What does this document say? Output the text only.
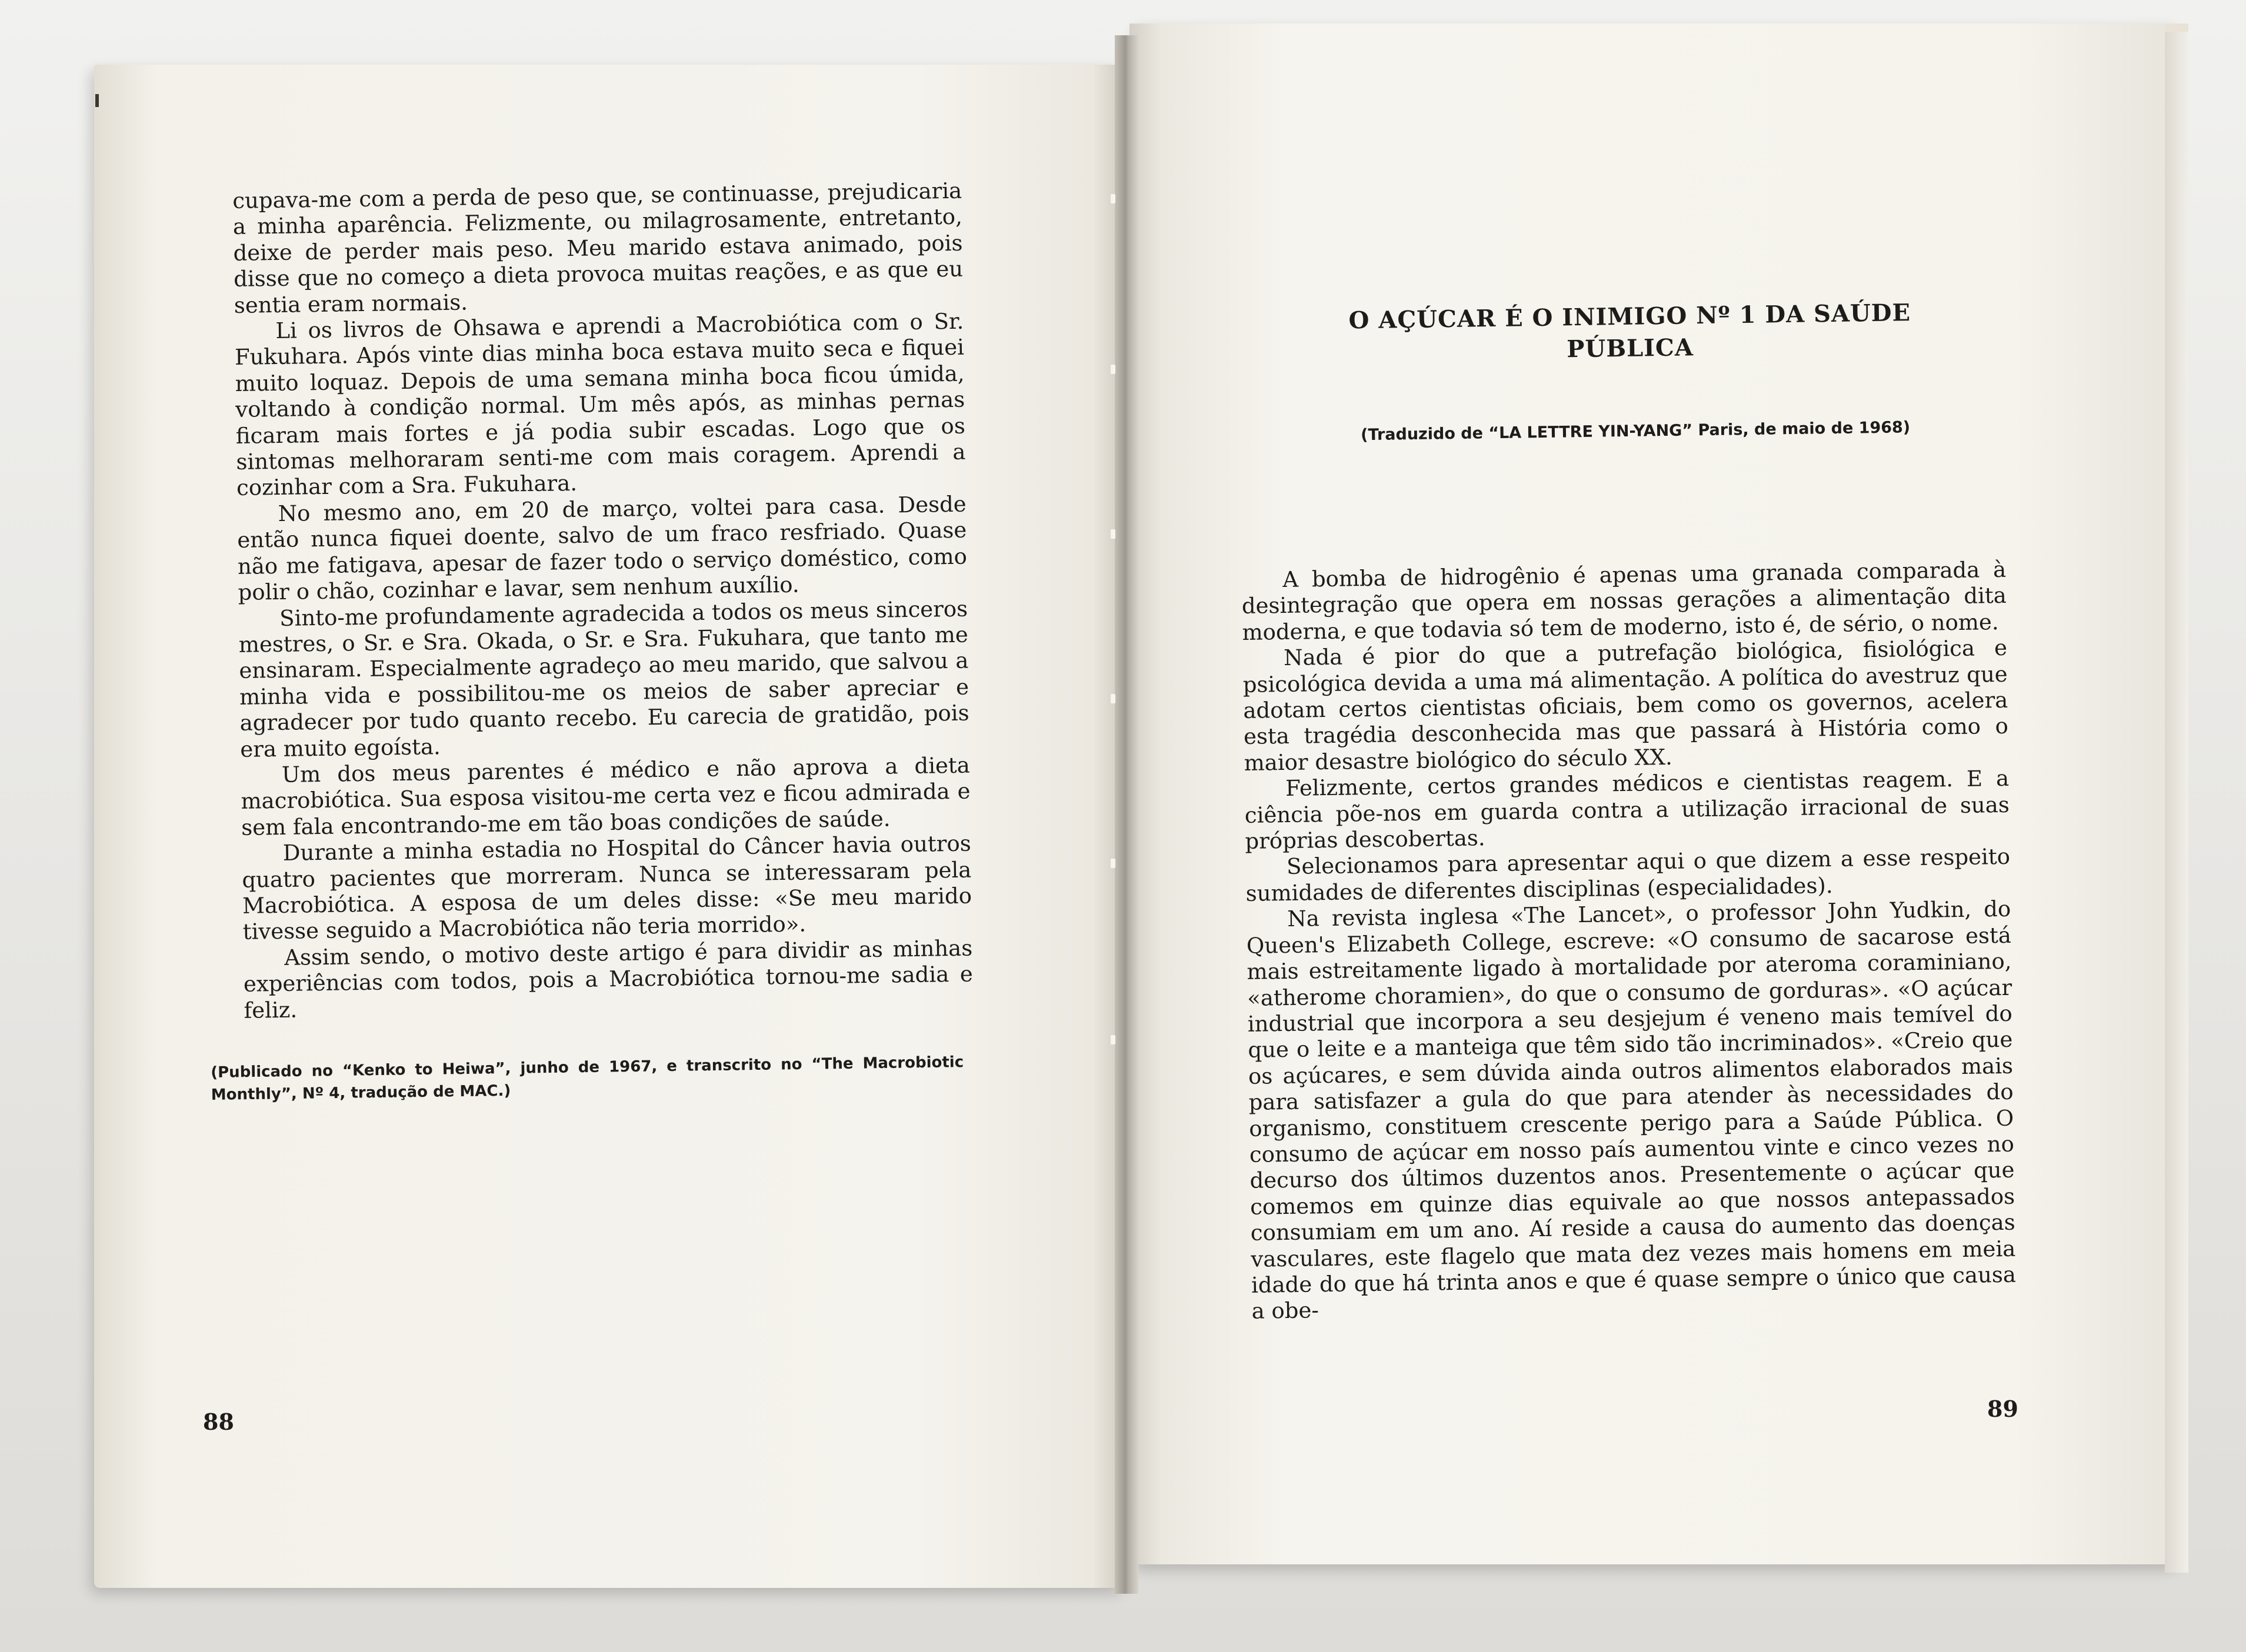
cupava-me com a perda de peso que, se continuasse, prejudicaria a minha aparência. Felizmente, ou milagrosamente, entretanto, deixe de perder mais peso. Meu marido estava animado, pois disse que no começo a dieta provoca muitas reações, e as que eu sentia eram normais.

Li os livros de Ohsawa e aprendi a Macrobiótica com o Sr. Fukuhara. Após vinte dias minha boca estava muito seca e fiquei muito loquaz. Depois de uma semana minha boca ficou úmida, voltando à condição normal. Um mês após, as minhas pernas ficaram mais fortes e já podia subir escadas. Logo que os sintomas melhoraram senti-me com mais coragem. Aprendi a cozinhar com a Sra. Fukuhara.

No mesmo ano, em 20 de março, voltei para casa. Desde então nunca fiquei doente, salvo de um fraco resfriado. Quase não me fatigava, apesar de fazer todo o serviço doméstico, como polir o chão, cozinhar e lavar, sem nenhum auxílio.

Sinto-me profundamente agradecida a todos os meus sinceros mestres, o Sr. e Sra. Okada, o Sr. e Sra. Fukuhara, que tanto me ensinaram. Especialmente agradeço ao meu marido, que salvou a minha vida e possibilitou-me os meios de saber apreciar e agradecer por tudo quanto recebo. Eu carecia de gratidão, pois era muito egoísta.

Um dos meus parentes é médico e não aprova a dieta macrobiótica. Sua esposa visitou-me certa vez e ficou admirada e sem fala encontrando-me em tão boas condições de saúde.

Durante a minha estadia no Hospital do Câncer havia outros quatro pacientes que morreram. Nunca se interessaram pela Macrobiótica. A esposa de um deles disse: «Se meu marido tivesse seguido a Macrobiótica não teria morrido».

Assim sendo, o motivo deste artigo é para dividir as minhas experiências com todos, pois a Macrobiótica tornou-me sadia e feliz.

(Publicado no “Kenko to Heiwa”, junho de 1967, e transcrito no “The Macrobiotic Monthly”, Nº 4, tradução de MAC.)
88
O AÇÚCAR É O INIMIGO Nº 1 DA SAÚDE PÚBLICA
(Traduzido de “LA LETTRE YIN-YANG” Paris, de maio de 1968)

A bomba de hidrogênio é apenas uma granada comparada à desintegração que opera em nossas gerações a alimentação dita moderna, e que todavia só tem de moderno, isto é, de sério, o nome.

Nada é pior do que a putrefação biológica, fisiológica e psicológica devida a uma má alimentação. A política do avestruz que adotam certos cientistas oficiais, bem como os governos, acelera esta tragédia desconhecida mas que passará à História como o maior desastre biológico do século XX.

Felizmente, certos grandes médicos e cientistas reagem. E a ciência põe-nos em guarda contra a utilização irracional de suas próprias descobertas.

Selecionamos para apresentar aqui o que dizem a esse respeito sumidades de diferentes disciplinas (especialidades).

Na revista inglesa «The Lancet», o professor John Yudkin, do Queen's Elizabeth College, escreve: «O consumo de sacarose está mais estreitamente ligado à mortalidade por ateroma coraminiano, «atherome choramien», do que o consumo de gorduras». «O açúcar industrial que incorpora a seu desjejum é veneno mais temível do que o leite e a manteiga que têm sido tão incriminados». «Creio que os açúcares, e sem dúvida ainda outros alimentos elaborados mais para satisfazer a gula do que para atender às necessidades do organismo, constituem crescente perigo para a Saúde Pública. O consumo de açúcar em nosso país aumentou vinte e cinco vezes no decurso dos últimos duzentos anos. Presentemente o açúcar que comemos em quinze dias equivale ao que nossos antepassados consumiam em um ano. Aí reside a causa do aumento das doenças vasculares, este flagelo que mata dez vezes mais homens em meia idade do que há trinta anos e que é quase sempre o único que causa a obe-

89
